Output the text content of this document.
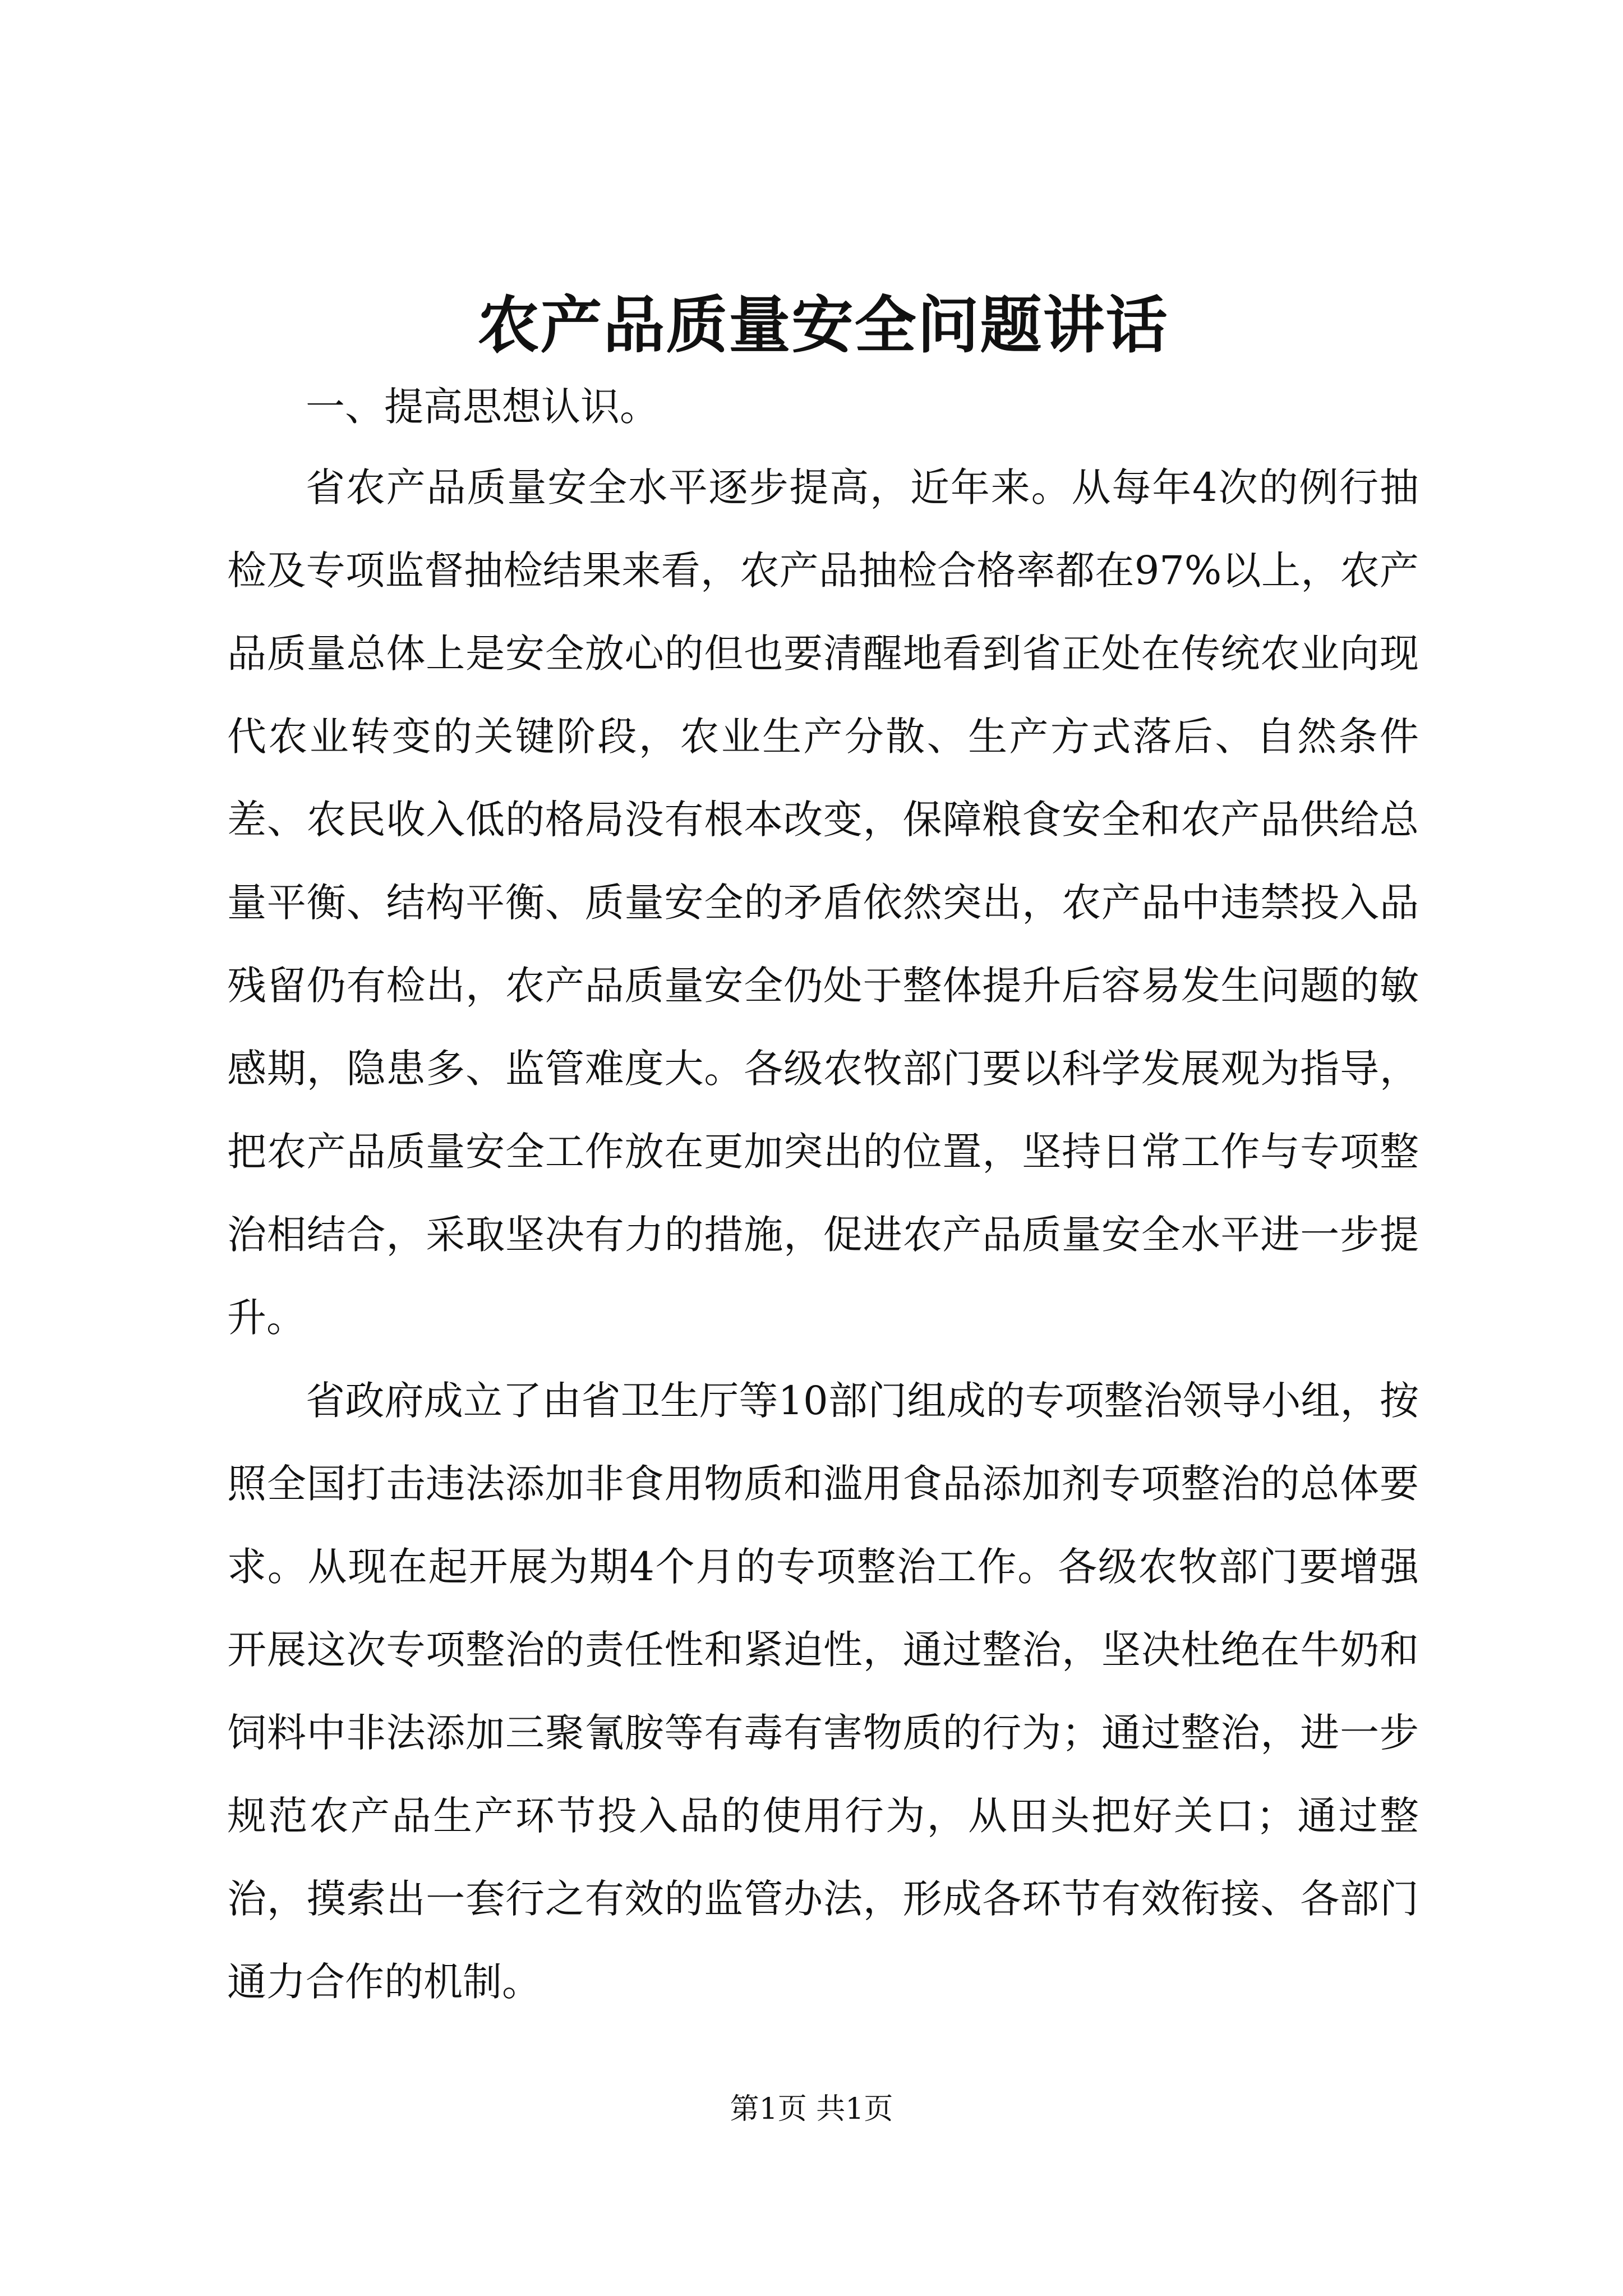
农产品质量安全问题讲话
一、提高思想认识。

省农产品质量安全水平逐步提高，近年来。从每年4次的例行抽检及专项监督抽检结果来看，农产品抽检合格率都在97%以上，农产品质量总体上是安全放心的但也要清醒地看到省正处在传统农业向现代农业转变的关键阶段，农业生产分散、生产方式落后、自然条件差、农民收入低的格局没有根本改变，保障粮食安全和农产品供给总量平衡、结构平衡、质量安全的矛盾依然突出，农产品中违禁投入品残留仍有检出，农产品质量安全仍处于整体提升后容易发生问题的敏感期，隐患多、监管难度大。各级农牧部门要以科学发展观为指导，把农产品质量安全工作放在更加突出的位置，坚持日常工作与专项整治相结合，采取坚决有力的措施，促进农产品质量安全水平进一步提升。

省政府成立了由省卫生厅等10部门组成的专项整治领导小组，按照全国打击违法添加非食用物质和滥用食品添加剂专项整治的总体要求。从现在起开展为期4个月的专项整治工作。各级农牧部门要增强开展这次专项整治的责任性和紧迫性，通过整治，坚决杜绝在牛奶和饲料中非法添加三聚氰胺等有毒有害物质的行为；通过整治，进一步规范农产品生产环节投入品的使用行为，从田头把好关口；通过整治，摸索出一套行之有效的监管办法，形成各环节有效衔接、各部门通力合作的机制。

第1页 共1页
